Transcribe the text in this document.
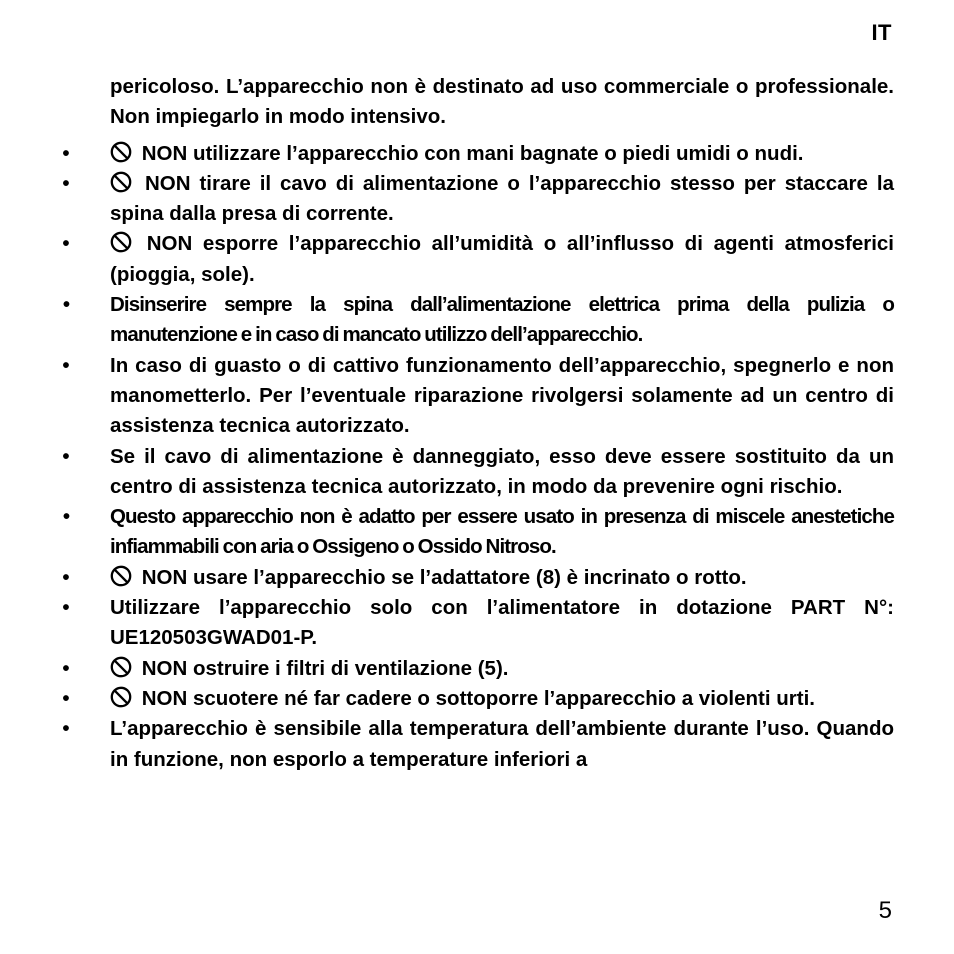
IT

pericoloso. L’apparecchio non è destinato ad uso commerciale o professionale. Non impiegarlo in modo intensivo.

•	NON utilizzare l’apparecchio con mani bagnate o piedi umidi o nudi.
•	NON tirare il cavo di alimentazione o l’apparecchio stesso per staccare la spina dalla presa di corrente.
•	NON esporre l’apparecchio all’umidità o all’influsso di agenti atmosferici (pioggia, sole).
• Disinserire sempre la spina dall’alimentazione elettrica prima della pulizia o manutenzione e in caso di mancato utilizzo dell’apparecchio.
• In caso di guasto o di cattivo funzionamento dell’apparecchio, spegnerlo e non manometterlo. Per l’eventuale riparazione rivolgersi solamente ad un centro di assistenza tecnica autorizzato.
• Se il cavo di alimentazione è danneggiato, esso deve essere sostituito da un centro di assistenza tecnica autorizzato, in modo da prevenire ogni rischio.
• Questo apparecchio non è adatto per essere usato in presenza di miscele anestetiche infiammabili con aria o Ossigeno o Ossido Nitroso.
•	NON usare l’apparecchio se l’adattatore (8) è incrinato o rotto.
• Utilizzare l’apparecchio solo con l’alimentatore in dotazione PART N°: UE120503GWAD01-P.
•	NON ostruire i filtri di ventilazione (5).
•	NON scuotere né far cadere o sottoporre l’apparecchio a violenti urti.
• L’apparecchio è sensibile alla temperatura dell’ambiente durante l’uso. Quando in funzione, non esporlo a temperature inferiori a
5
